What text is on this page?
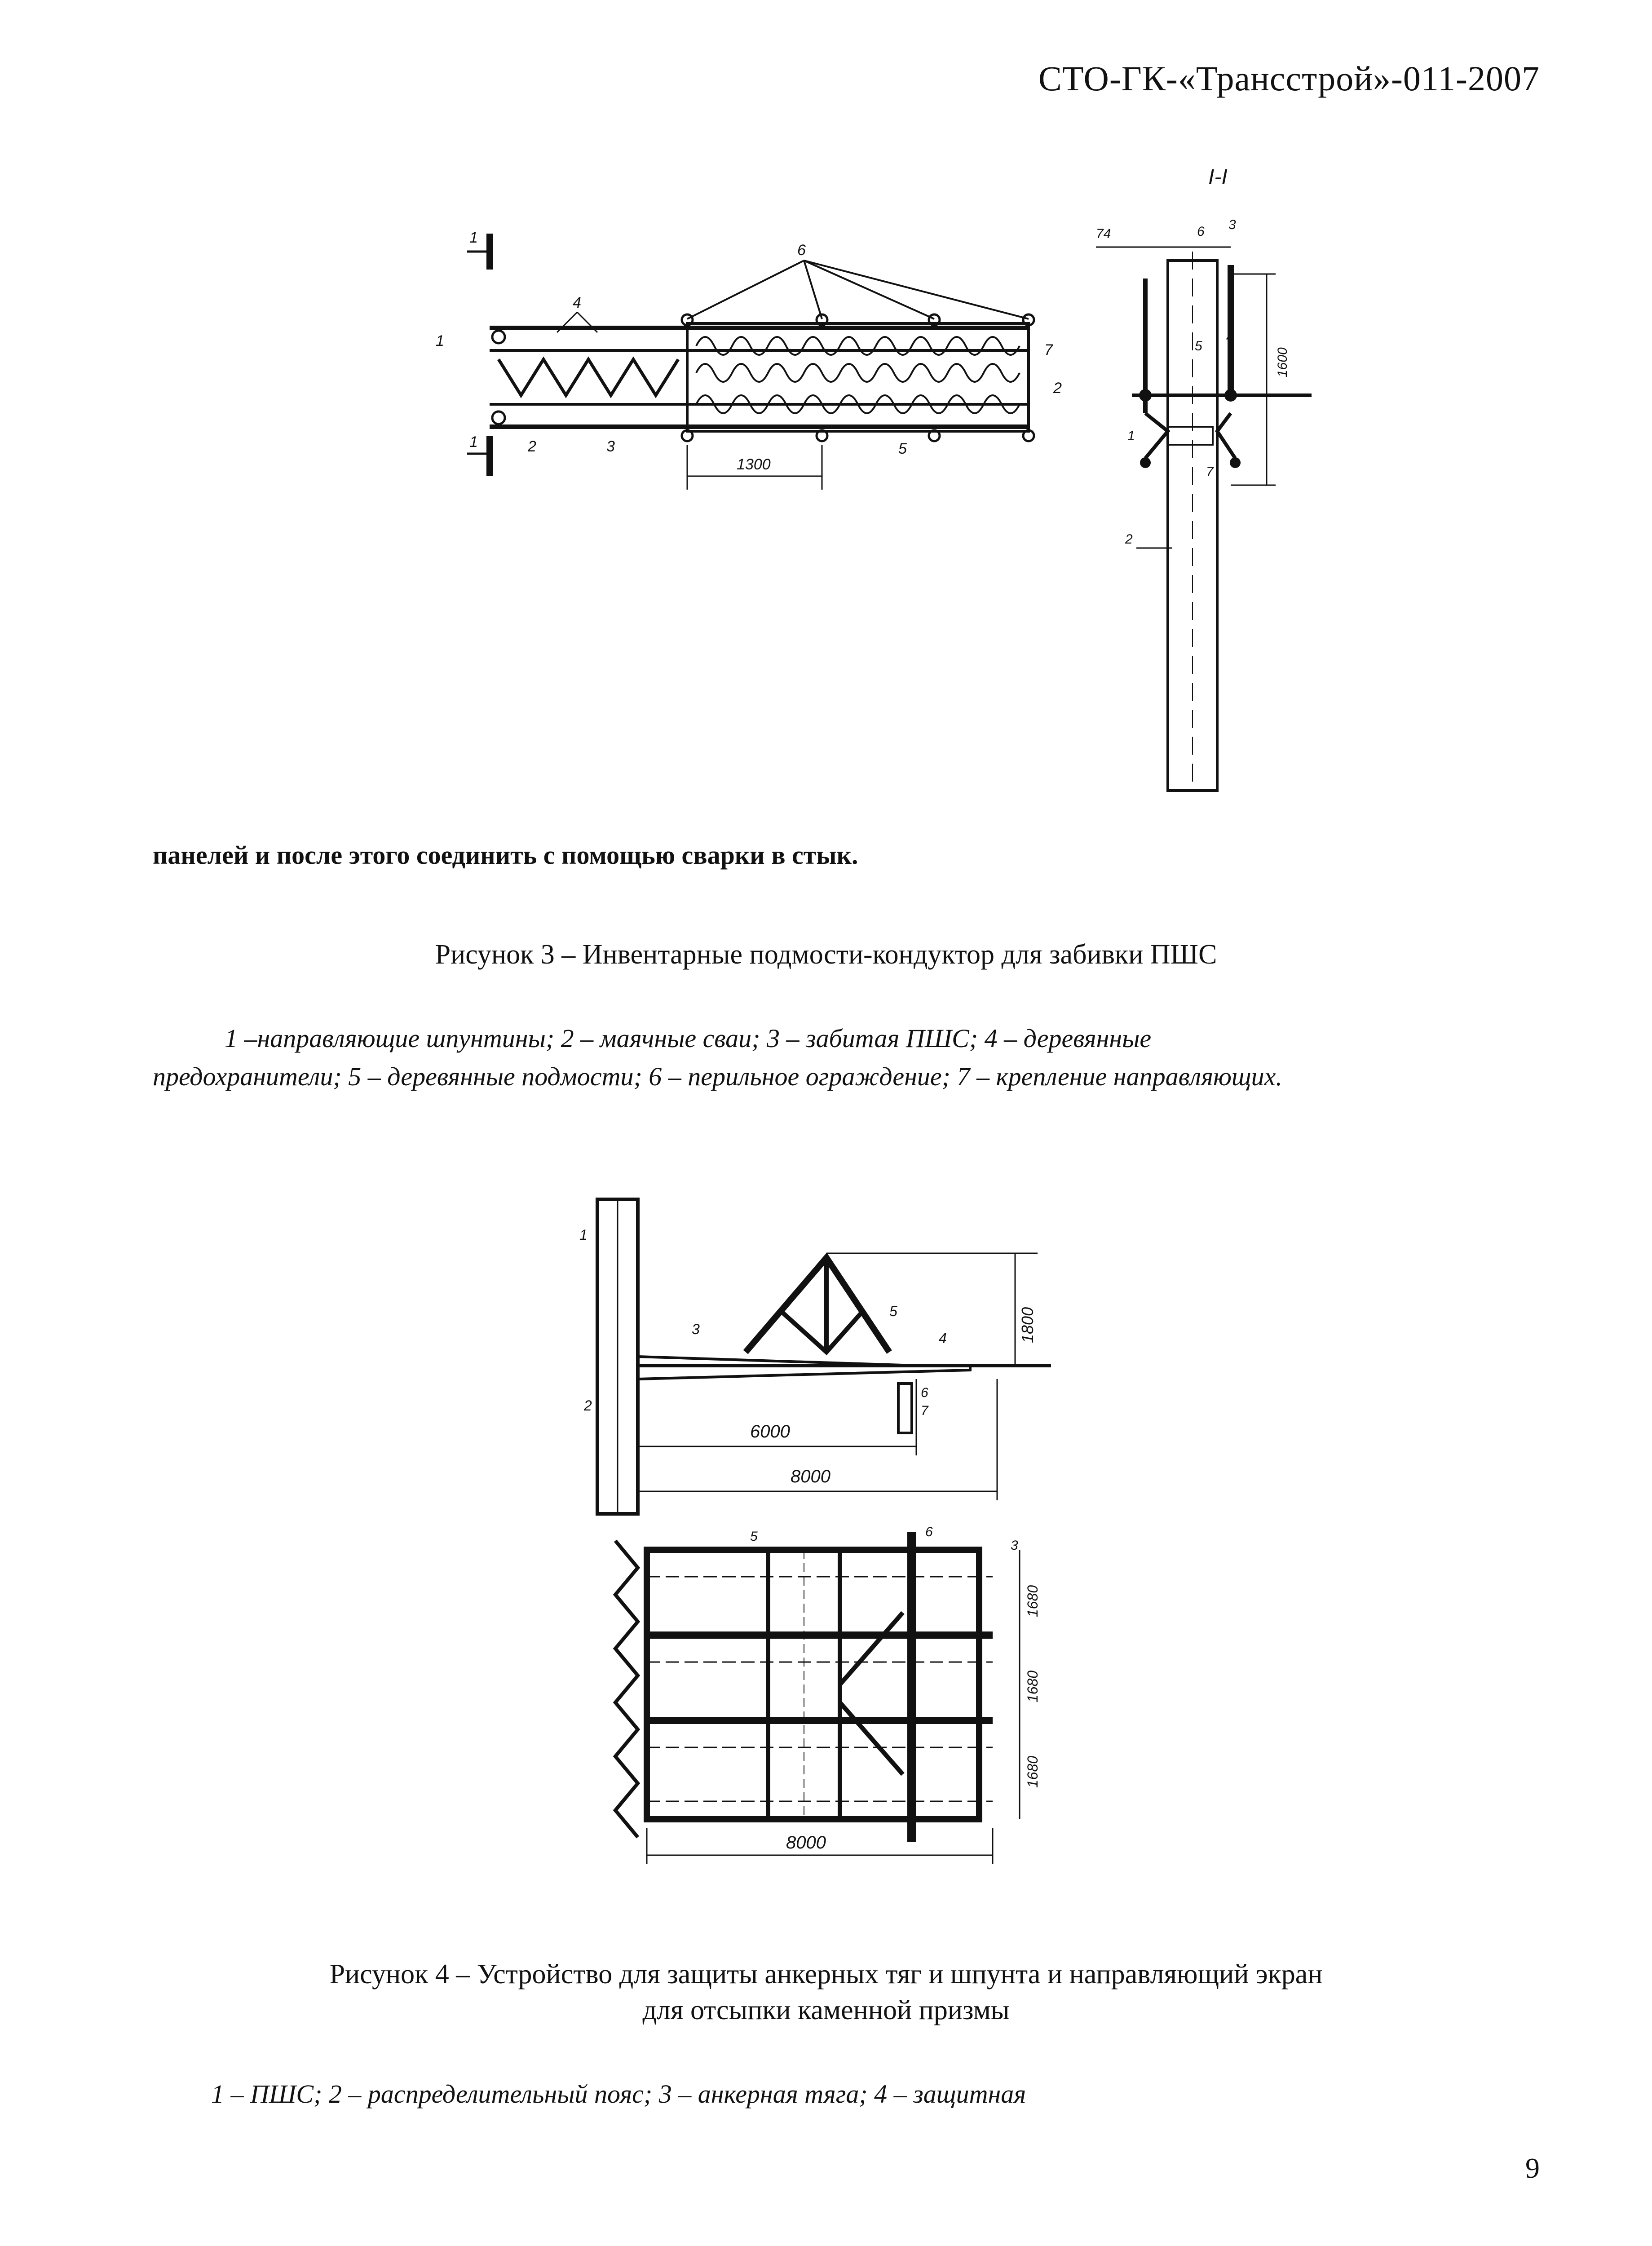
СТО-ГК-«Трансстрой»-011-2007
1
1
6
4
1
2	3	5
7
2
1300
I-I
74	6 3
1600
5
4
1
7
2
панелей и после этого соединить с помощью сварки в стык.
Рисунок 3 – Инвентарные подмости-кондуктор для забивки ПШС
1 –направляющие шпунтины; 2 – маячные сваи; 3 – забитая ПШС; 4 – деревянные
предохранители; 5 – деревянные подмости; 6 – перильное ограждение; 7 – крепление направляющих.
1
2
3
5
4
6
7
1800
6000
8000
5	6
3
1680
1680
1680
8000
Рисунок 4 – Устройство для защиты анкерных тяг и шпунта и направляющий экран
для отсыпки каменной призмы
1 – ПШС; 2 – распределительный пояс; 3 – анкерная тяга; 4 – защитная
9
